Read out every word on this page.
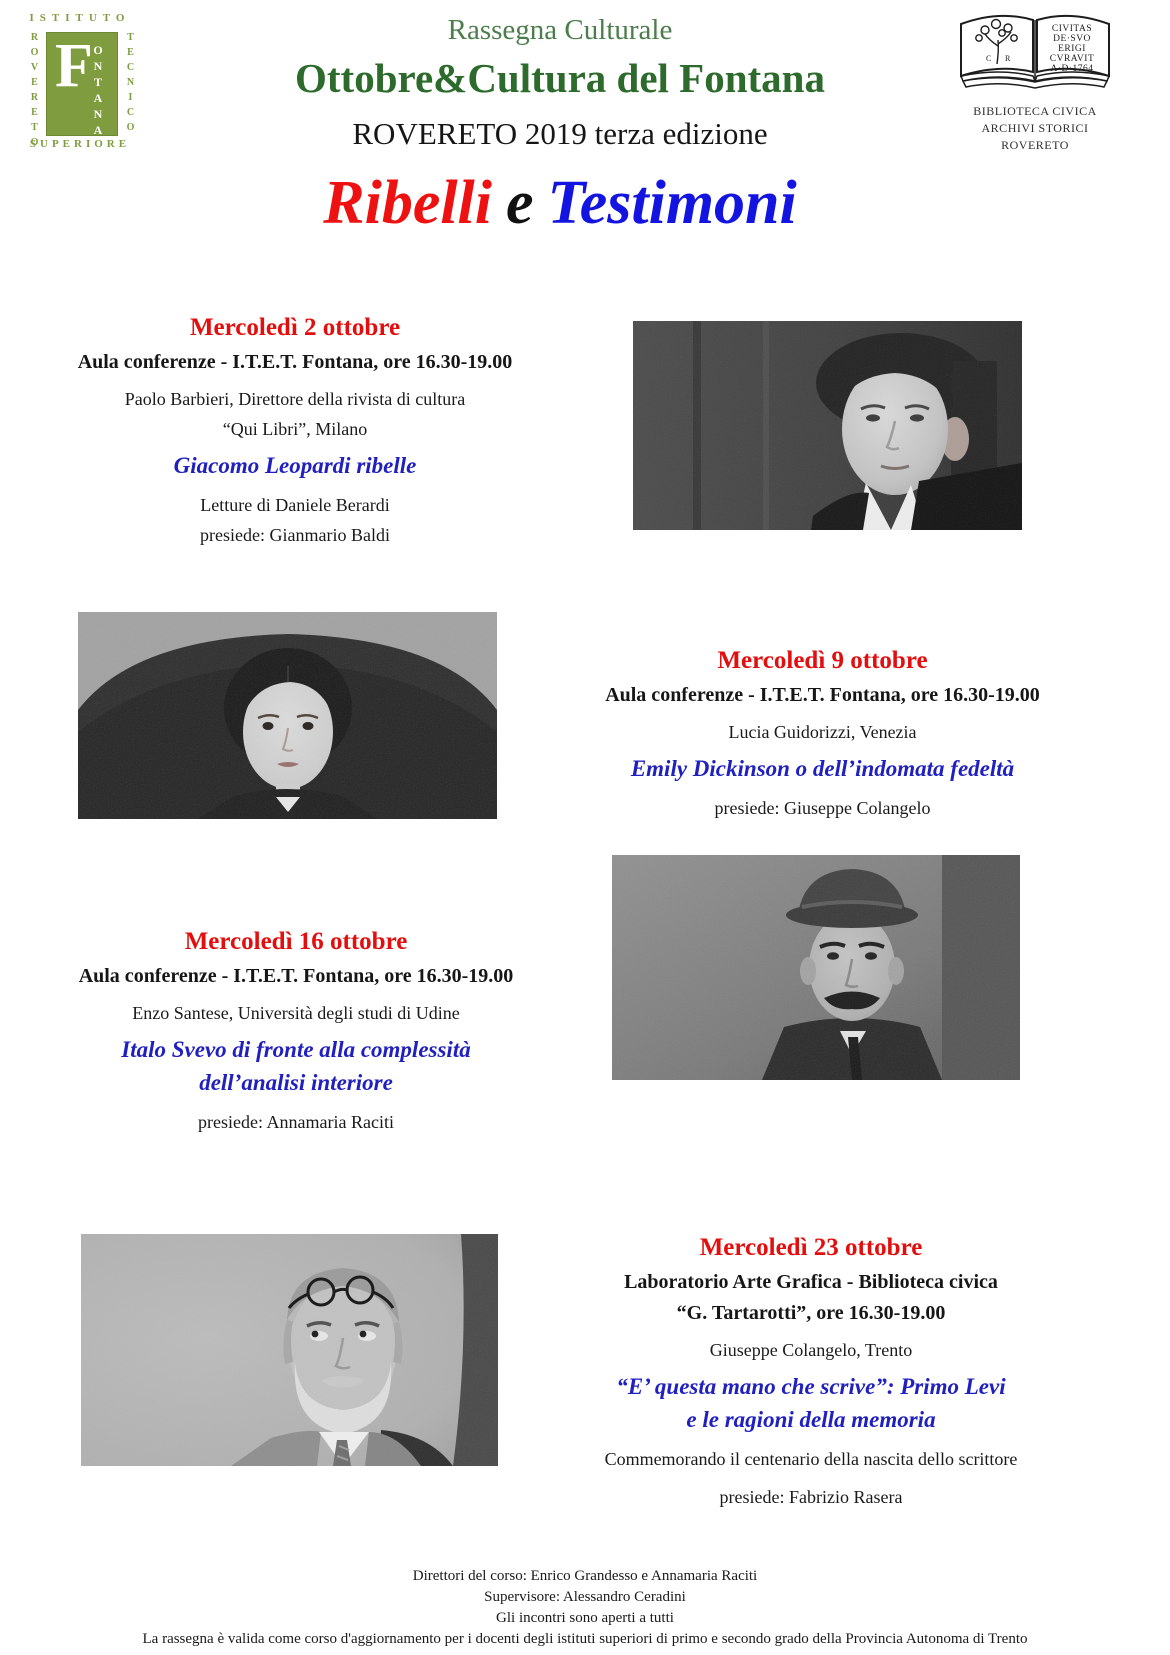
ISTITUTO
ROVERETO F
ONTANA	TECNICO
SUPERIORE
Rassegna Culturale
Ottobre&Cultura del Fontana
ROVERETO 2019 terza edizione
Ribelli e Testimoni
C R
CIVITAS
DE·SVO
ERIGI
CVRAVIT
A·D·1764
BIBLIOTECA CIVICA
ARCHIVI STORICI
ROVERETO
Mercoledì 2 ottobre
Aula conferenze - I.T.E.T. Fontana, ore 16.30-19.00
Paolo Barbieri, Direttore della rivista di cultura
“Qui Libri”, Milano
Giacomo Leopardi ribelle
Letture di Daniele Berardi
presiede: Gianmario Baldi
Mercoledì 9 ottobre
Aula conferenze - I.T.E.T. Fontana, ore 16.30-19.00
Lucia Guidorizzi, Venezia
Emily Dickinson o dell’indomata fedeltà
presiede: Giuseppe Colangelo
Mercoledì 16 ottobre
Aula conferenze - I.T.E.T. Fontana, ore 16.30-19.00
Enzo Santese, Università degli studi di Udine
Italo Svevo di fronte alla complessità
dell’analisi interiore
presiede: Annamaria Raciti
Mercoledì 23 ottobre
Laboratorio Arte Grafica - Biblioteca civica
“G. Tartarotti”, ore 16.30-19.00
Giuseppe Colangelo, Trento
“E’ questa mano che scrive”: Primo Levi
e le ragioni della memoria
Commemorando il centenario della nascita dello scrittore
presiede: Fabrizio Rasera
Direttori del corso: Enrico Grandesso e Annamaria Raciti
Supervisore: Alessandro Ceradini
Gli incontri sono aperti a tutti
La rassegna è valida come corso d'aggiornamento per i docenti degli istituti superiori di primo e secondo grado della Provincia Autonoma di Trento
